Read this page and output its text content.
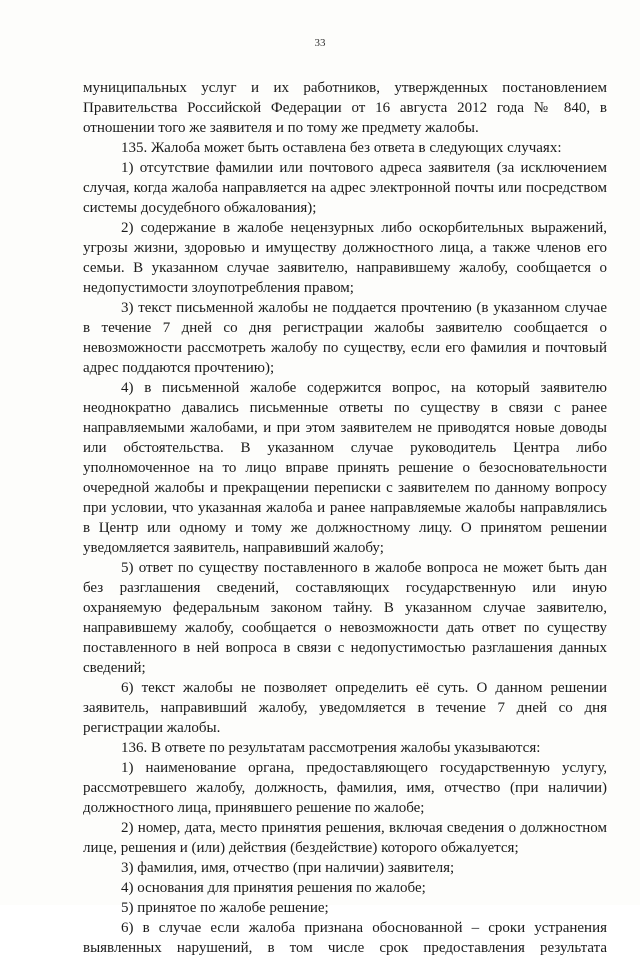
33

муниципальных услуг и их работников, утвержденных постановлением Правительства Российской Федерации от 16 августа 2012 года № 840, в отношении того же заявителя и по тому же предмету жалобы.

135. Жалоба может быть оставлена без ответа в следующих случаях:

1) отсутствие фамилии или почтового адреса заявителя (за исключением случая, когда жалоба направляется на адрес электронной почты или посредством системы досудебного обжалования);

2) содержание в жалобе нецензурных либо оскорбительных выражений, угрозы жизни, здоровью и имуществу должностного лица, а также членов его семьи. В указанном случае заявителю, направившему жалобу, сообщается о недопустимости злоупотребления правом;

3) текст письменной жалобы не поддается прочтению (в указанном случае в течение 7 дней со дня регистрации жалобы заявителю сообщается о невозможности рассмотреть жалобу по существу, если его фамилия и почтовый адрес поддаются прочтению);

4) в письменной жалобе содержится вопрос, на который заявителю неоднократно давались письменные ответы по существу в связи с ранее направляемыми жалобами, и при этом заявителем не приводятся новые доводы или обстоятельства. В указанном случае руководитель Центра либо уполномоченное на то лицо вправе принять решение о безосновательности очередной жалобы и прекращении переписки с заявителем по данному вопросу при условии, что указанная жалоба и ранее направляемые жалобы направлялись в Центр или одному и тому же должностному лицу. О принятом решении уведомляется заявитель, направивший жалобу;

5) ответ по существу поставленного в жалобе вопроса не может быть дан без разглашения сведений, составляющих государственную или иную охраняемую федеральным законом тайну. В указанном случае заявителю, направившему жалобу, сообщается о невозможности дать ответ по существу поставленного в ней вопроса в связи с недопустимостью разглашения данных сведений;

6) текст жалобы не позволяет определить её суть. О данном решении заявитель, направивший жалобу, уведомляется в течение 7 дней со дня регистрации жалобы.

136. В ответе по результатам рассмотрения жалобы указываются:

1) наименование органа, предоставляющего государственную услугу, рассмотревшего жалобу, должность, фамилия, имя, отчество (при наличии) должностного лица, принявшего решение по жалобе;

2) номер, дата, место принятия решения, включая сведения о должностном лице, решения и (или) действия (бездействие) которого обжалуется;

3) фамилия, имя, отчество (при наличии) заявителя;

4) основания для принятия решения по жалобе;

5) принятое по жалобе решение;

6) в случае если жалоба признана обоснованной – сроки устранения выявленных нарушений, в том числе срок предоставления результата
